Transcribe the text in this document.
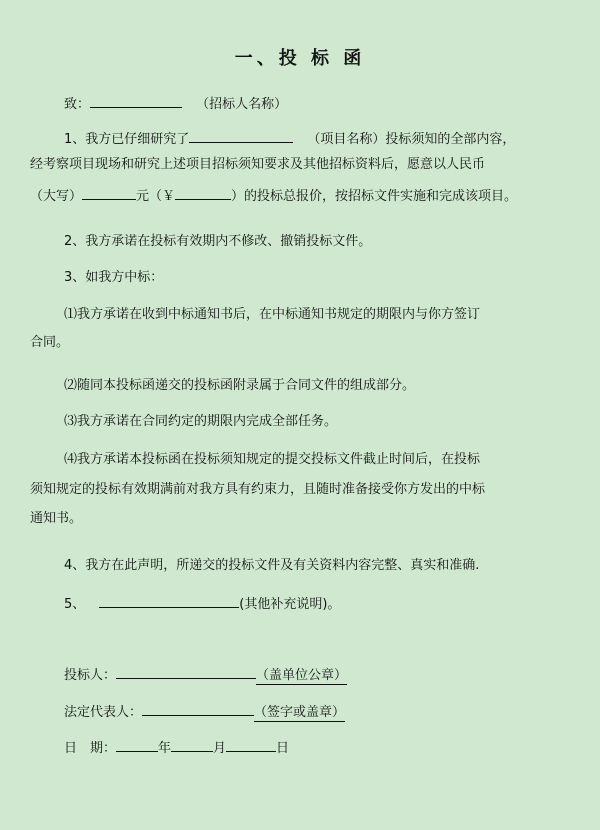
一、投 标 函
致：	（招标人名称）
1、我方已仔细研究了	（项目名称）投标须知的全部内容，
经考察项目现场和研究上述项目招标须知要求及其他招标资料后，愿意以人民币
（大写）	元（￥	）的投标总报价，按招标文件实施和完成该项目。
2、我方承诺在投标有效期内不修改、撤销投标文件。
3、如我方中标：
⑴我方承诺在收到中标通知书后，在中标通知书规定的期限内与你方签订
合同。
⑵随同本投标函递交的投标函附录属于合同文件的组成部分。
⑶我方承诺在合同约定的期限内完成全部任务。
⑷我方承诺本投标函在投标须知规定的提交投标文件截止时间后，在投标
须知规定的投标有效期满前对我方具有约束力，且随时准备接受你方发出的中标
通知书。
4、我方在此声明，所递交的投标文件及有关资料内容完整、真实和准确.
5、	(其他补充说明)。
投标人：	（盖单位公章）
法定代表人：	（签字或盖章）
日　期：	年	月	日
